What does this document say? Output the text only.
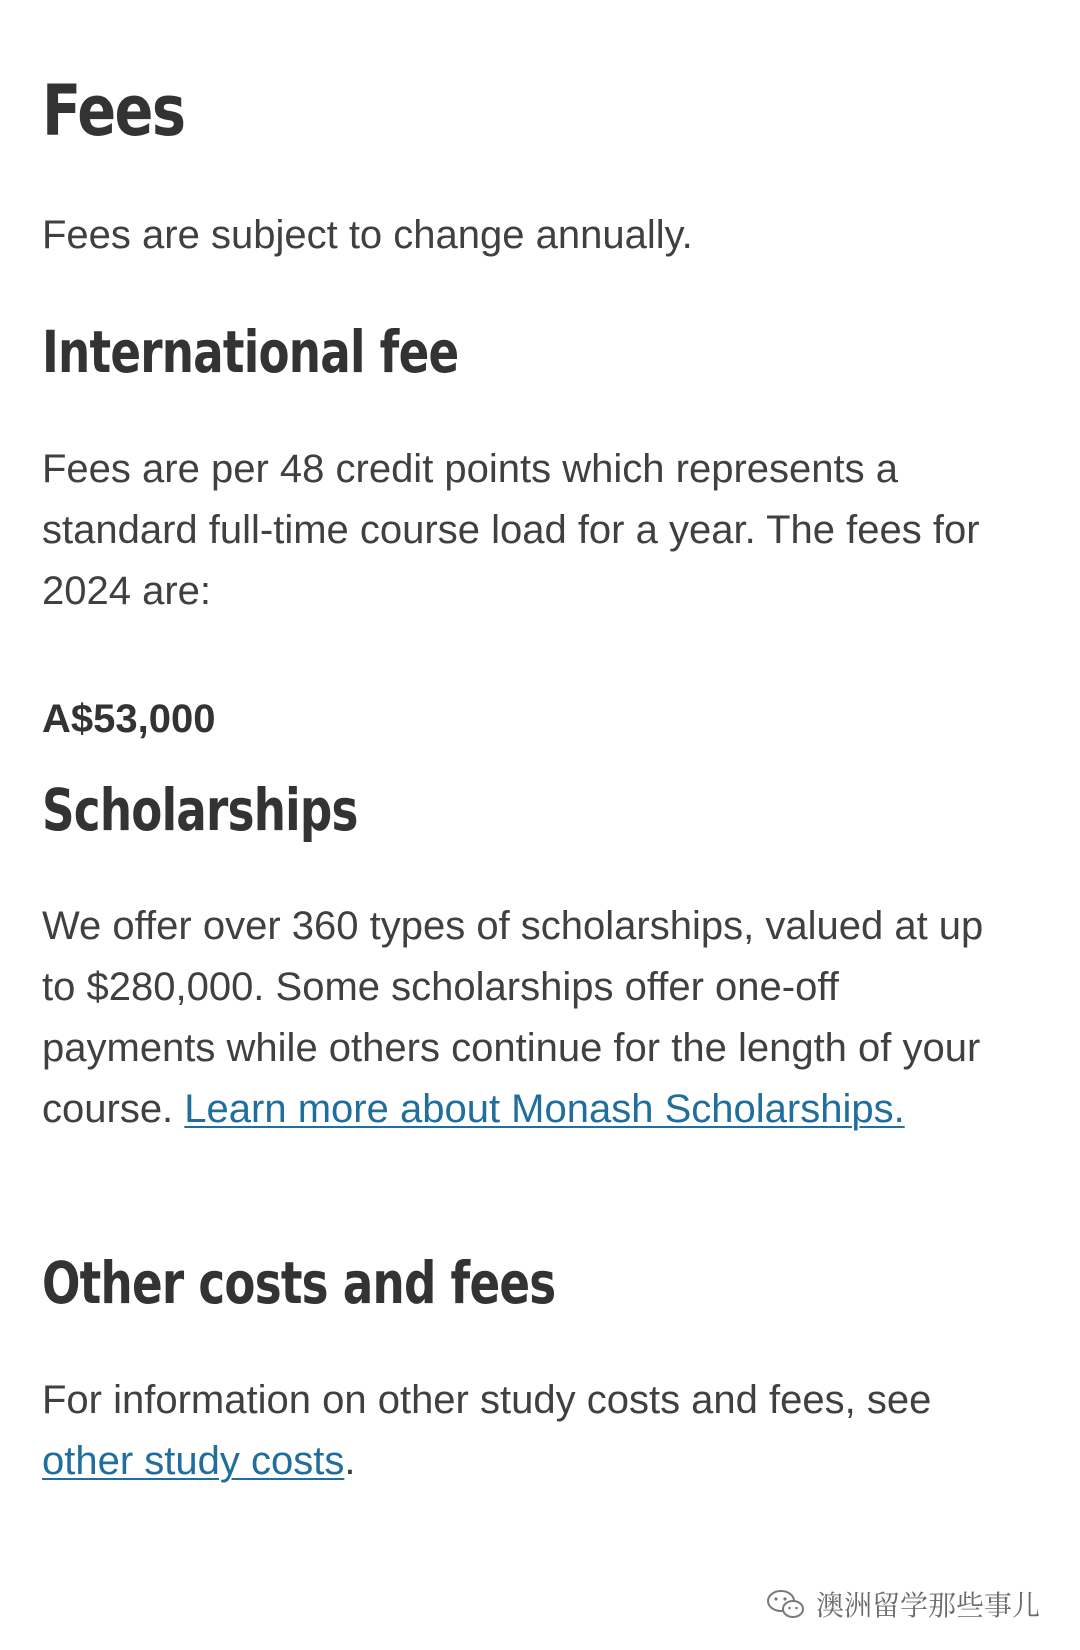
Fees

Fees are subject to change annually.

International fee

Fees are per 48 credit points which represents a standard full-time course load for a year. The fees for 2024 are:

A$53,000
Scholarships

We offer over 360 types of scholarships, valued at up to $280,000. Some scholarships offer one-off payments while others continue for the length of your course. Learn more about Monash Scholarships.

Other costs and fees

For information on other study costs and fees, see other study costs.

澳洲留学那些事儿
